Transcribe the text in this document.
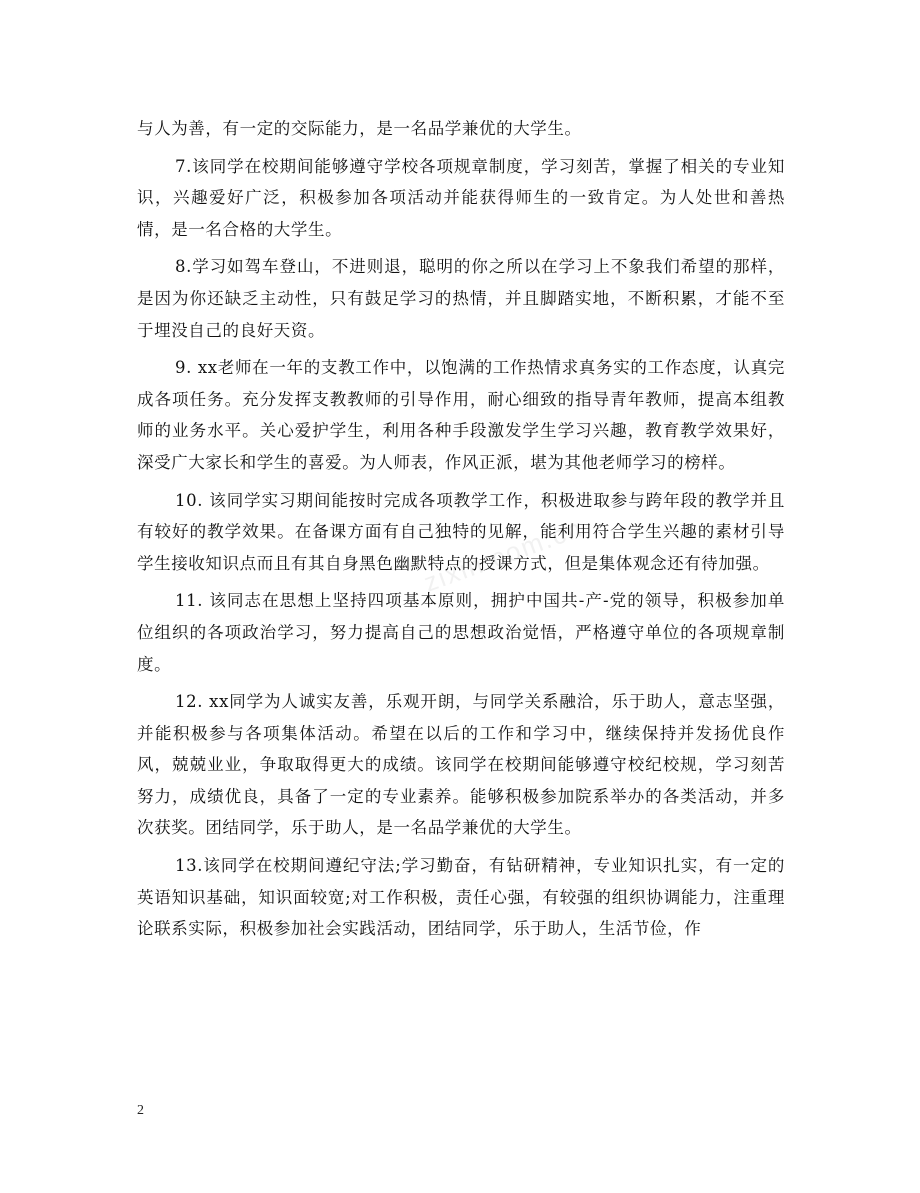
zixin.com.cn

与人为善，有一定的交际能力，是一名品学兼优的大学生。

7.该同学在校期间能够遵守学校各项规章制度，学习刻苦，掌握了相关的专业知识，兴趣爱好广泛，积极参加各项活动并能获得师生的一致肯定。为人处世和善热情，是一名合格的大学生。

8.学习如驾车登山，不进则退，聪明的你之所以在学习上不象我们希望的那样，是因为你还缺乏主动性，只有鼓足学习的热情，并且脚踏实地，不断积累，才能不至于埋没自己的良好天资。

9. xx老师在一年的支教工作中，以饱满的工作热情求真务实的工作态度，认真完成各项任务。充分发挥支教教师的引导作用，耐心细致的指导青年教师，提高本组教师的业务水平。关心爱护学生，利用各种手段激发学生学习兴趣，教育教学效果好，深受广大家长和学生的喜爱。为人师表，作风正派，堪为其他老师学习的榜样。

10. 该同学实习期间能按时完成各项教学工作，积极进取参与跨年段的教学并且有较好的教学效果。在备课方面有自己独特的见解，能利用符合学生兴趣的素材引导学生接收知识点而且有其自身黑色幽默特点的授课方式，但是集体观念还有待加强。

11. 该同志在思想上坚持四项基本原则，拥护中国共-产-党的领导，积极参加单位组织的各项政治学习，努力提高自己的思想政治觉悟，严格遵守单位的各项规章制度。

12. xx同学为人诚实友善，乐观开朗，与同学关系融洽，乐于助人，意志坚强，并能积极参与各项集体活动。希望在以后的工作和学习中，继续保持并发扬优良作风，兢兢业业，争取取得更大的成绩。该同学在校期间能够遵守校纪校规，学习刻苦努力，成绩优良，具备了一定的专业素养。能够积极参加院系举办的各类活动，并多次获奖。团结同学，乐于助人，是一名品学兼优的大学生。

13.该同学在校期间遵纪守法;学习勤奋，有钻研精神，专业知识扎实，有一定的英语知识基础，知识面较宽;对工作积极，责任心强，有较强的组织协调能力，注重理论联系实际，积极参加社会实践活动，团结同学，乐于助人，生活节俭，作

2
